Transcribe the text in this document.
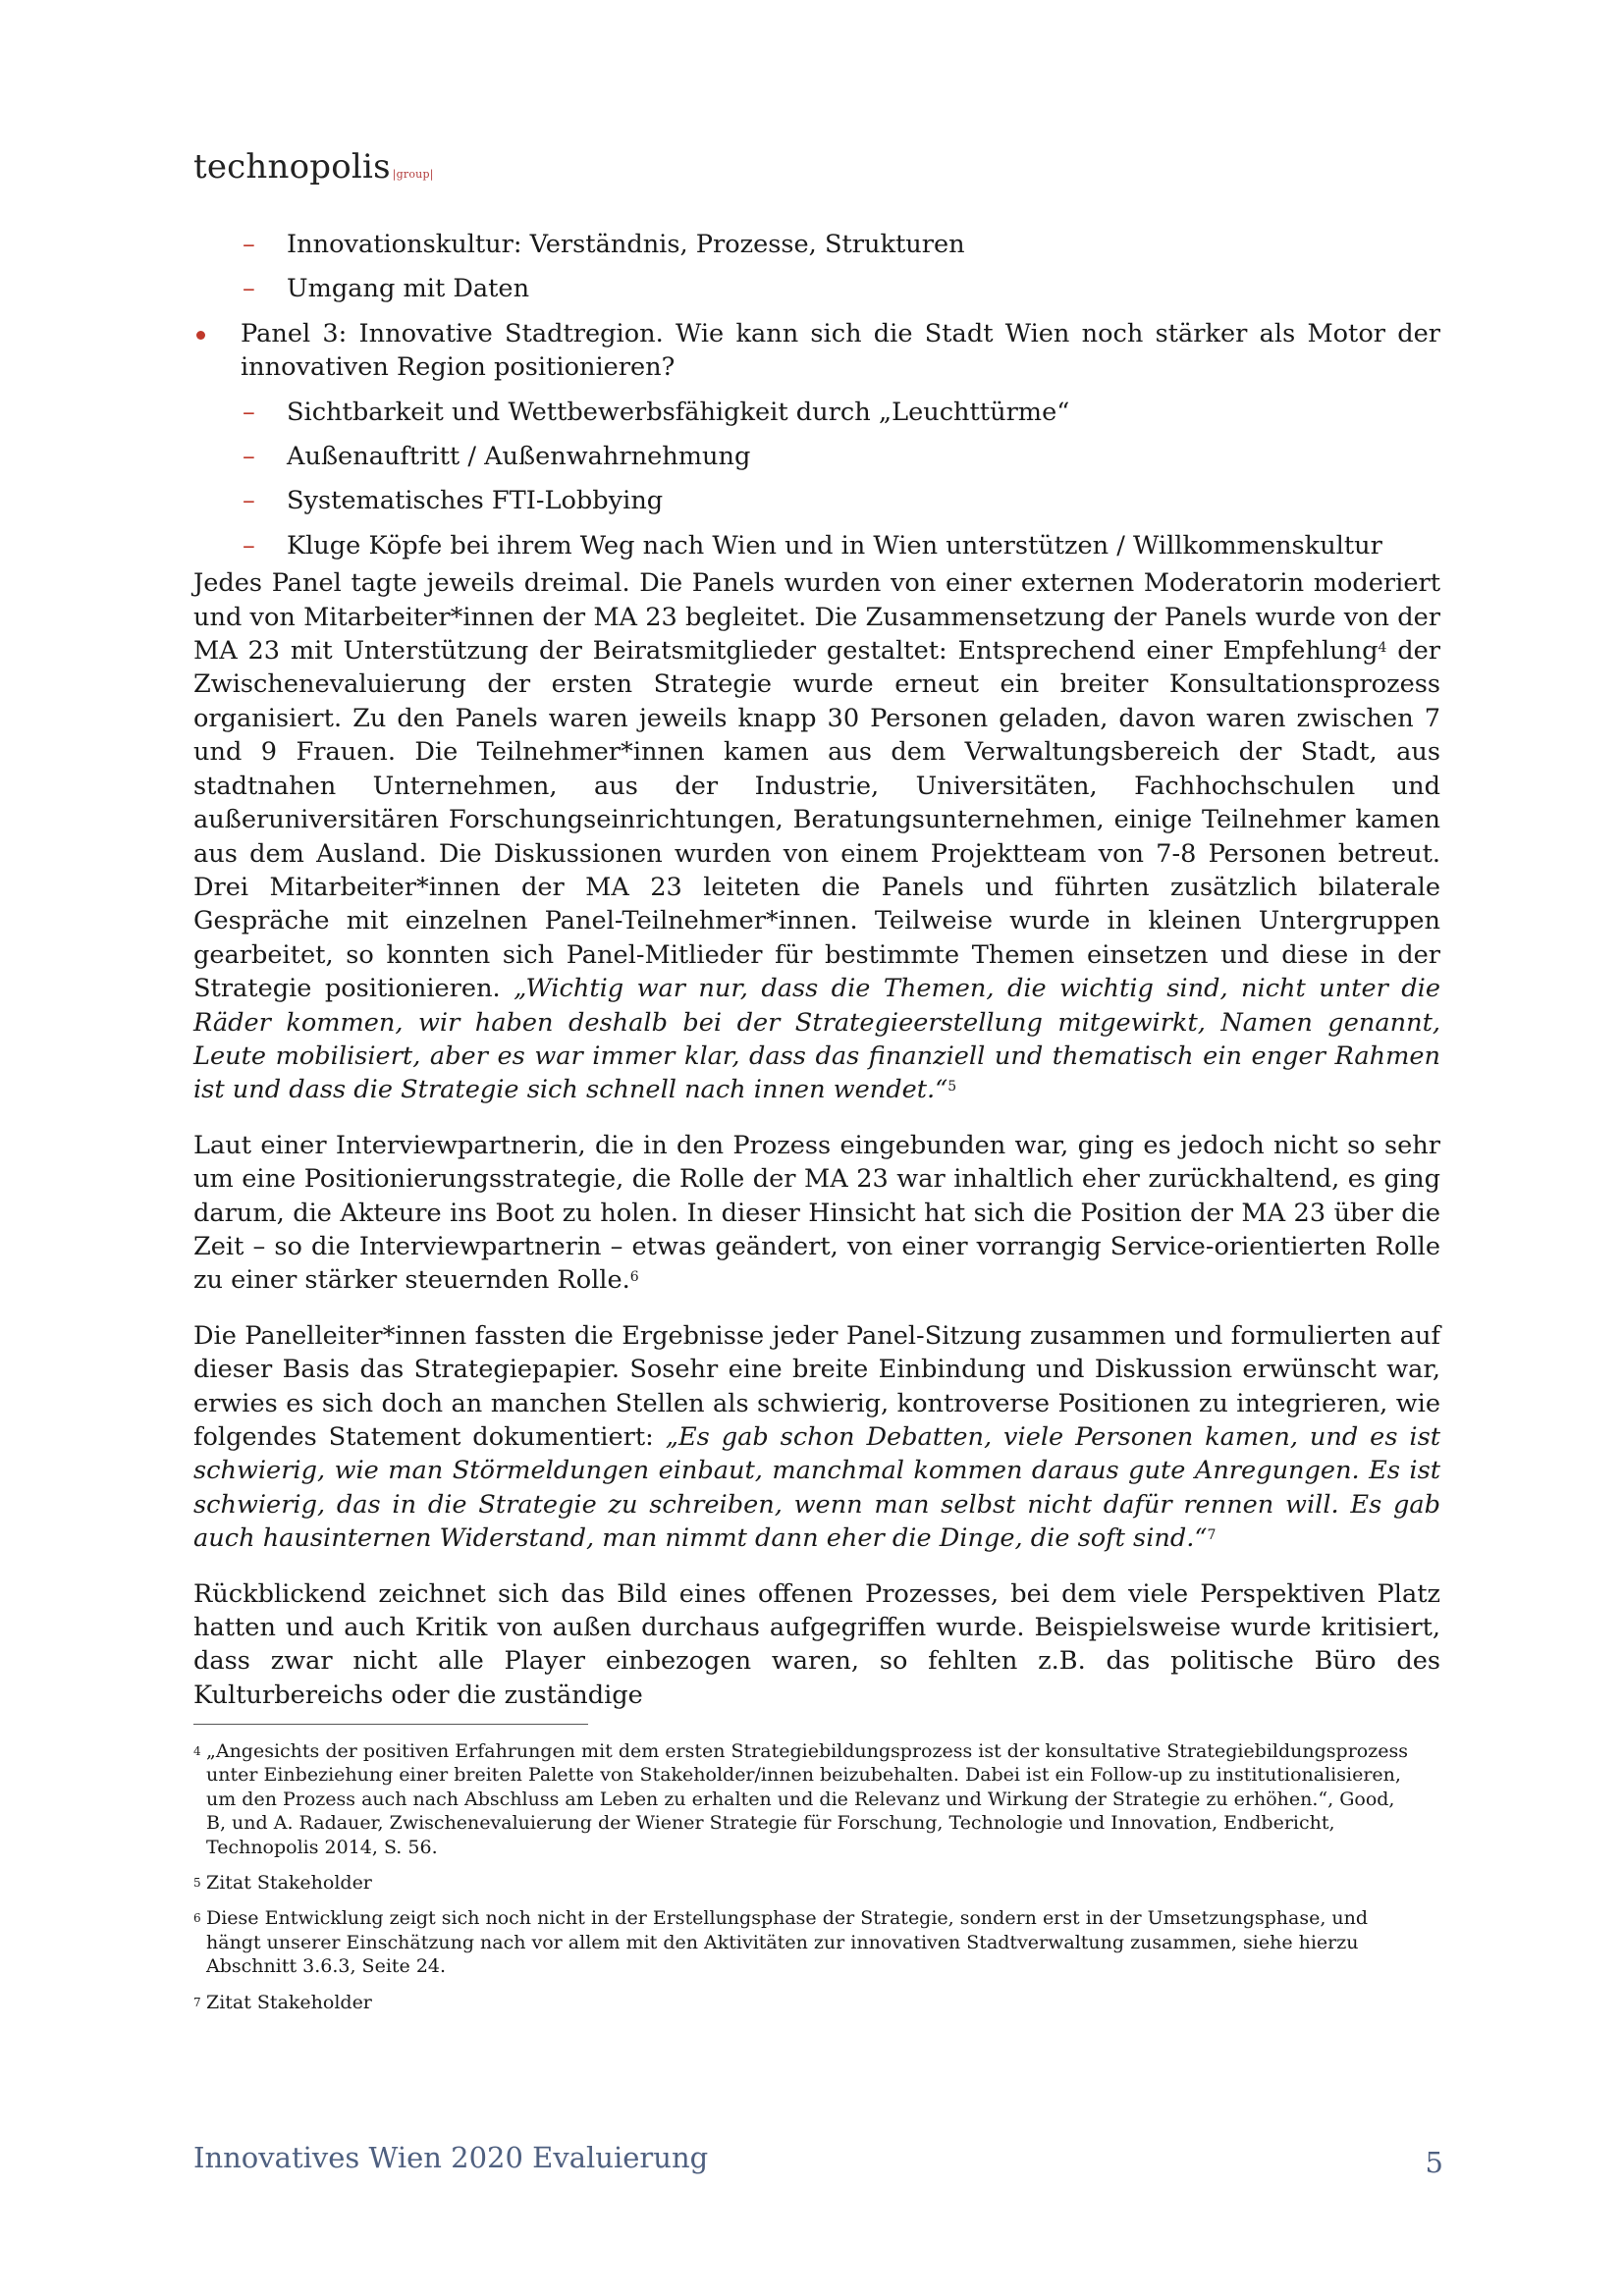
technopolis |group|
– Innovationskultur: Verständnis, Prozesse, Strukturen
– Umgang mit Daten
Panel 3: Innovative Stadtregion. Wie kann sich die Stadt Wien noch stärker als Motor der innovativen Region positionieren?
– Sichtbarkeit und Wettbewerbsfähigkeit durch „Leuchttürme“
– Außenauftritt / Außenwahrnehmung
– Systematisches FTI-Lobbying
– Kluge Köpfe bei ihrem Weg nach Wien und in Wien unterstützen / Willkommenskultur

Jedes Panel tagte jeweils dreimal. Die Panels wurden von einer externen Moderatorin moderiert und von Mitarbeiter*innen der MA 23 begleitet. Die Zusammensetzung der Panels wurde von der MA 23 mit Unterstützung der Beiratsmitglieder gestaltet: Entsprechend einer Empfehlung$^4$ der Zwischenevaluierung der ersten Strategie wurde erneut ein breiter Konsultationsprozess organisiert. Zu den Panels waren jeweils knapp 30 Personen geladen, davon waren zwischen 7 und 9 Frauen. Die Teilnehmer*innen kamen aus dem Verwaltungsbereich der Stadt, aus stadtnahen Unternehmen, aus der Industrie, Universitäten, Fachhochschulen und außeruniversitären Forschungseinrichtungen, Beratungsunternehmen, einige Teilnehmer kamen aus dem Ausland. Die Diskussionen wurden von einem Projektteam von 7-8 Personen betreut. Drei Mitarbeiter*innen der MA 23 leiteten die Panels und führten zusätzlich bilaterale Gespräche mit einzelnen Panel-Teilnehmer*innen. Teilweise wurde in kleinen Untergruppen gearbeitet, so konnten sich Panel-Mitlieder für bestimmte Themen einsetzen und diese in der Strategie positionieren. „Wichtig war nur, dass die Themen, die wichtig sind, nicht unter die Räder kommen, wir haben deshalb bei der Strategieerstellung mitgewirkt, Namen genannt, Leute mobilisiert, aber es war immer klar, dass das finanziell und thematisch ein enger Rahmen ist und dass die Strategie sich schnell nach innen wendet.“$^5$

Laut einer Interviewpartnerin, die in den Prozess eingebunden war, ging es jedoch nicht so sehr um eine Positionierungsstrategie, die Rolle der MA 23 war inhaltlich eher zurückhaltend, es ging darum, die Akteure ins Boot zu holen. In dieser Hinsicht hat sich die Position der MA 23 über die Zeit – so die Interviewpartnerin – etwas geändert, von einer vorrangig Service-orientierten Rolle zu einer stärker steuernden Rolle.$^6$

Die Panelleiter*innen fassten die Ergebnisse jeder Panel-Sitzung zusammen und formulierten auf dieser Basis das Strategiepapier. Sosehr eine breite Einbindung und Diskussion erwünscht war, erwies es sich doch an manchen Stellen als schwierig, kontroverse Positionen zu integrieren, wie folgendes Statement dokumentiert: „Es gab schon Debatten, viele Personen kamen, und es ist schwierig, wie man Störmeldungen einbaut, manchmal kommen daraus gute Anregungen. Es ist schwierig, das in die Strategie zu schreiben, wenn man selbst nicht dafür rennen will. Es gab auch hausinternen Widerstand, man nimmt dann eher die Dinge, die soft sind.“$^7$

Rückblickend zeichnet sich das Bild eines offenen Prozesses, bei dem viele Perspektiven Platz hatten und auch Kritik von außen durchaus aufgegriffen wurde. Beispielsweise wurde kritisiert, dass zwar nicht alle Player einbezogen waren, so fehlten z.B. das politische Büro des Kulturbereichs oder die zuständige

4 „Angesichts der positiven Erfahrungen mit dem ersten Strategiebildungsprozess ist der konsultative Strategiebildungsprozess unter Einbeziehung einer breiten Palette von Stakeholder/innen beizubehalten. Dabei ist ein Follow-up zu institutionalisieren, um den Prozess auch nach Abschluss am Leben zu erhalten und die Relevanz und Wirkung der Strategie zu erhöhen.“, Good, B, und A. Radauer, Zwischenevaluierung der Wiener Strategie für Forschung, Technologie und Innovation, Endbericht, Technopolis 2014, S. 56.
5 Zitat Stakeholder
6 Diese Entwicklung zeigt sich noch nicht in der Erstellungsphase der Strategie, sondern erst in der Umsetzungsphase, und hängt unserer Einschätzung nach vor allem mit den Aktivitäten zur innovativen Stadtverwaltung zusammen, siehe hierzu Abschnitt 3.6.3, Seite 24.
7 Zitat Stakeholder
Innovatives Wien 2020 Evaluierung	5
